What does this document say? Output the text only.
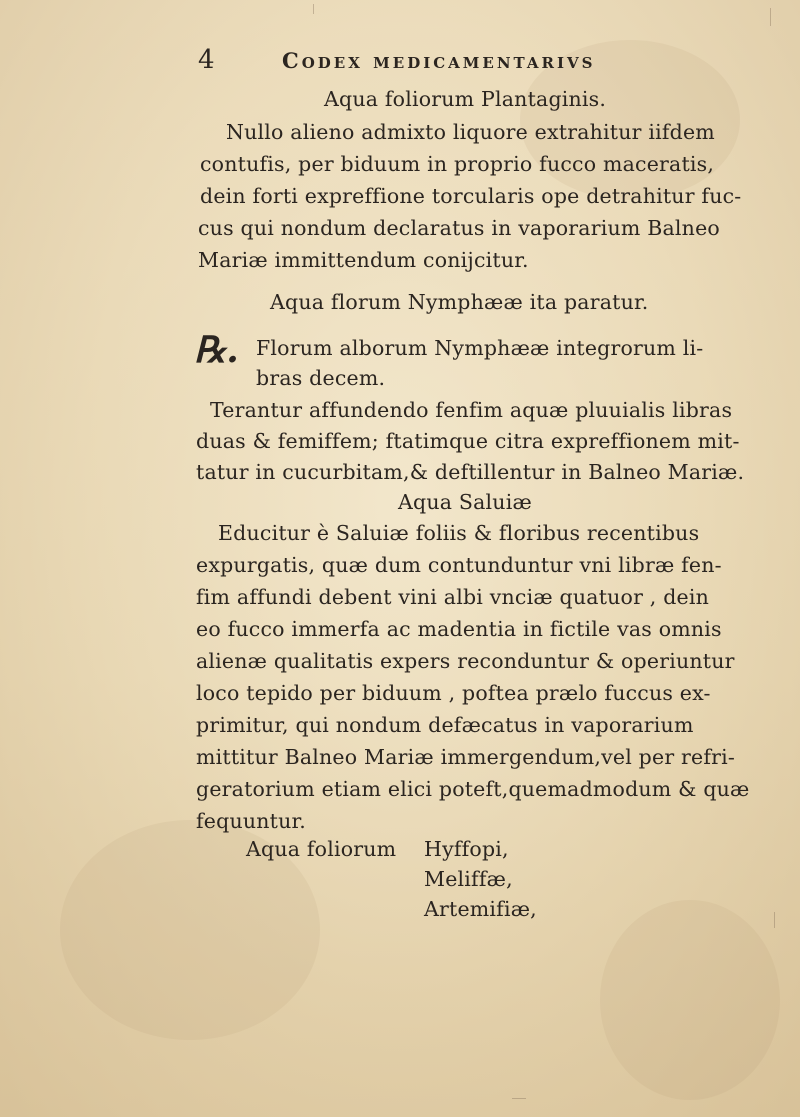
4	Codex medicamentarivs
Aqua foliorum Plantaginis.
Nullo alieno admixto liquore extrahitur iifdem
contufis, per biduum in proprio fucco maceratis,
dein forti expreffione torcularis ope detrahitur fuc-
cus qui nondum declaratus in vaporarium Balneo
Mariæ immittendum conijcitur.
Aqua florum Nymphææ ita paratur.
℞. Florum alborum Nymphææ integrorum li-
bras decem.
Terantur affundendo fenfim aquæ pluuialis libras
duas & femiffem; ftatimque citra expreffionem mit-
tatur in cucurbitam,& deftillentur in Balneo Mariæ.
Aqua Saluiæ
Educitur è Saluiæ foliis & floribus recentibus
expurgatis, quæ dum contunduntur vni libræ fen-
fim affundi debent vini albi vnciæ quatuor , dein
eo fucco immerfa ac madentia in fictile vas omnis
alienæ qualitatis expers reconduntur & operiuntur
loco tepido per biduum , poftea prælo fuccus ex-
primitur, qui nondum defæcatus in vaporarium
mittitur Balneo Mariæ immergendum,vel per refri-
geratorium etiam elici poteft,quemadmodum & quæ
fequuntur.
Aqua foliorum Hyffopi,
Meliffæ,
Artemifiæ,
